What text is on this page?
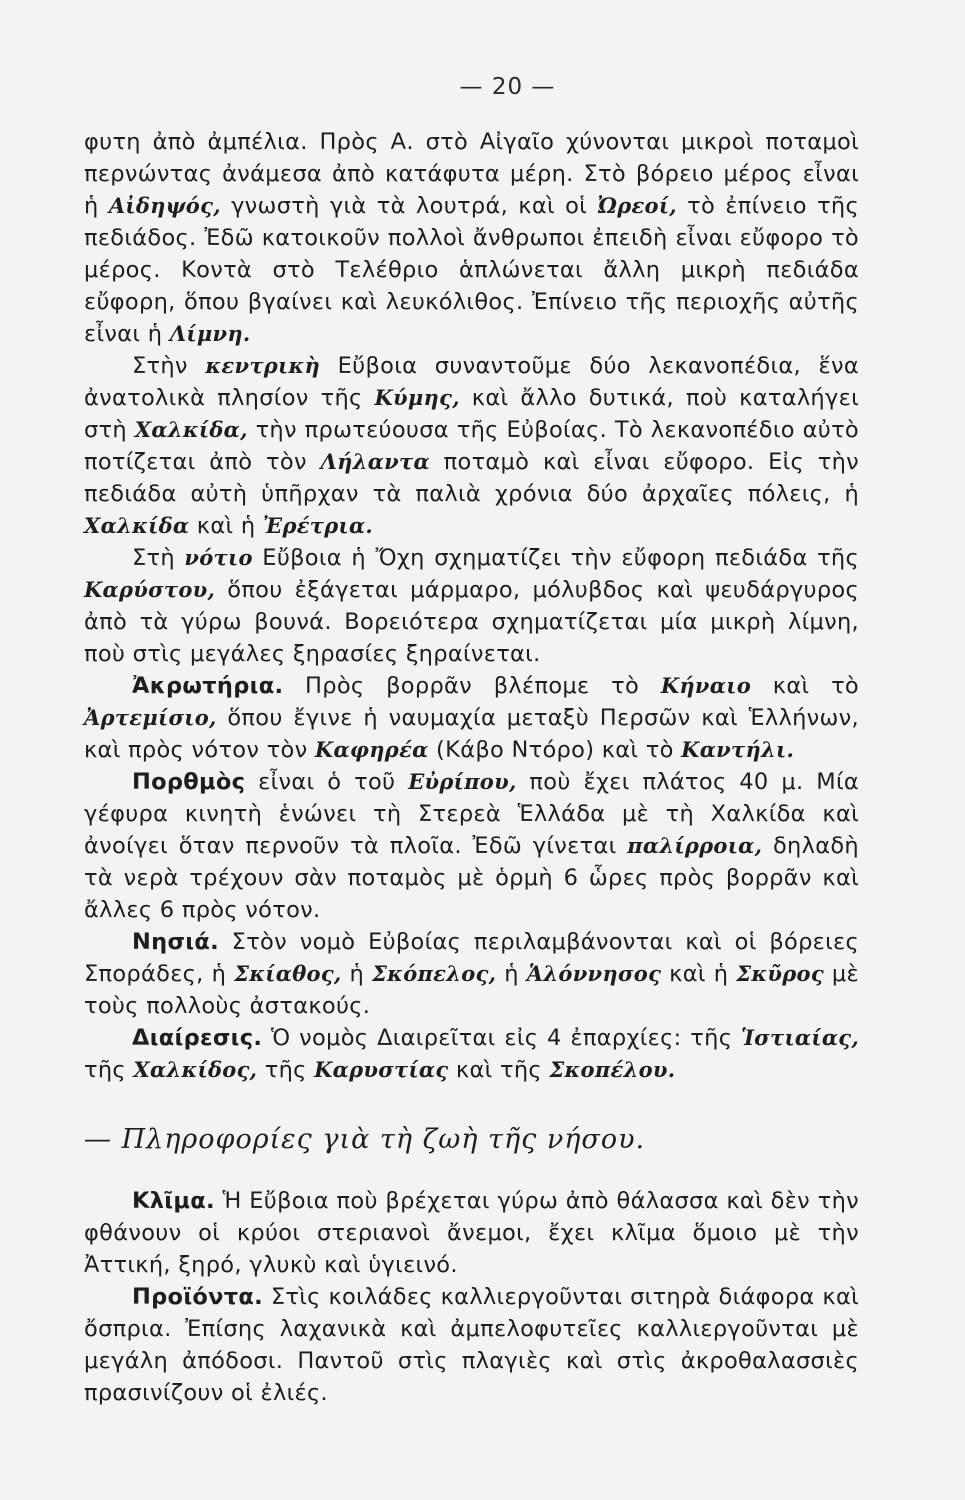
— 20 —

φυτη ἀπὸ ἀμπέλια. Πρὸς Α. στὸ Αἰγαῖο χύνονται μικροὶ ποταμοὶ περνώντας ἀνάμεσα ἀπὸ κατάφυτα μέρη. Στὸ βόρειο μέρος εἶναι ἡ Αἰδηψός, γνωστὴ γιὰ τὰ λουτρά, καὶ οἱ Ὠρεοί, τὸ ἐπίνειο τῆς πεδιάδος. Ἐδῶ κατοικοῦν πολλοὶ ἄνθρωποι ἐπειδὴ εἶναι εὔφορο τὸ μέρος. Κοντὰ στὸ Τελέθριο ἁπλώνεται ἄλλη μικρὴ πεδιάδα εὔφορη, ὅπου βγαίνει καὶ λευκόλιθος. Ἐπίνειο τῆς περιοχῆς αὐτῆς εἶναι ἡ Λίμνη.

Στὴν κεντρικὴ Εὔβοια συναντοῦμε δύο λεκανοπέδια, ἕνα ἀνατολικὰ πλησίον τῆς Κύμης, καὶ ἄλλο δυτικά, ποὺ καταλήγει στὴ Χαλκίδα, τὴν πρωτεύουσα τῆς Εὐβοίας. Τὸ λεκανοπέδιο αὐτὸ ποτίζεται ἀπὸ τὸν Λήλαντα ποταμὸ καὶ εἶναι εὔφορο. Εἰς τὴν πεδιάδα αὐτὴ ὑπῆρχαν τὰ παλιὰ χρόνια δύο ἀρχαῖες πόλεις, ἡ Χαλκίδα καὶ ἡ Ἐρέτρια.

Στὴ νότιο Εὔβοια ἡ Ὄχη σχηματίζει τὴν εὔφορη πεδιάδα τῆς Καρύστου, ὅπου ἐξάγεται μάρμαρο, μόλυβδος καὶ ψευδάργυρος ἀπὸ τὰ γύρω βουνά. Βορειότερα σχηματίζεται μία μικρὴ λίμνη, ποὺ στὶς μεγάλες ξηρασίες ξηραίνεται.

Ἀκρωτήρια. Πρὸς βορρᾶν βλέπομε τὸ Κήναιο καὶ τὸ Ἀρτεμίσιο, ὅπου ἔγινε ἡ ναυμαχία μεταξὺ Περσῶν καὶ Ἑλλήνων, καὶ πρὸς νότον τὸν Καφηρέα (Κάβο Ντόρο) καὶ τὸ Καντήλι.

Πορθμὸς εἶναι ὁ τοῦ Εὐρίπου, ποὺ ἔχει πλάτος 40 μ. Μία γέφυρα κινητὴ ἑνώνει τὴ Στερεὰ Ἑλλάδα μὲ τὴ Χαλκίδα καὶ ἀνοίγει ὅταν περνοῦν τὰ πλοῖα. Ἐδῶ γίνεται παλίρροια, δηλαδὴ τὰ νερὰ τρέχουν σὰν ποταμὸς μὲ ὁρμὴ 6 ὧρες πρὸς βορρᾶν καὶ ἄλλες 6 πρὸς νότον.

Νησιά. Στὸν νομὸ Εὐβοίας περιλαμβάνονται καὶ οἱ βόρειες Σποράδες, ἡ Σκίαθος, ἡ Σκόπελος, ἡ Ἁλόννησος καὶ ἡ Σκῦρος μὲ τοὺς πολλοὺς ἀστακούς.

Διαίρεσις. Ὁ νομὸς Διαιρεῖται εἰς 4 ἐπαρχίες: τῆς Ἱστιαίας, τῆς Χαλκίδος, τῆς Καρυστίας καὶ τῆς Σκοπέλου.

— Πληροφορίες γιὰ τὴ ζωὴ τῆς νήσου.

Κλῖμα. Ἡ Εὔβοια ποὺ βρέχεται γύρω ἀπὸ θάλασσα καὶ δὲν τὴν φθάνουν οἱ κρύοι στεριανοὶ ἄνεμοι, ἔχει κλῖμα ὅμοιο μὲ τὴν Ἀττική, ξηρό, γλυκὺ καὶ ὑγιεινό.

Προϊόντα. Στὶς κοιλάδες καλλιεργοῦνται σιτηρὰ διάφορα καὶ ὄσπρια. Ἐπίσης λαχανικὰ καὶ ἀμπελοφυτεῖες καλλιεργοῦνται μὲ μεγάλη ἀπόδοσι. Παντοῦ στὶς πλαγιὲς καὶ στὶς ἀκροθαλασσιὲς πρασινίζουν οἱ ἐλιές.
